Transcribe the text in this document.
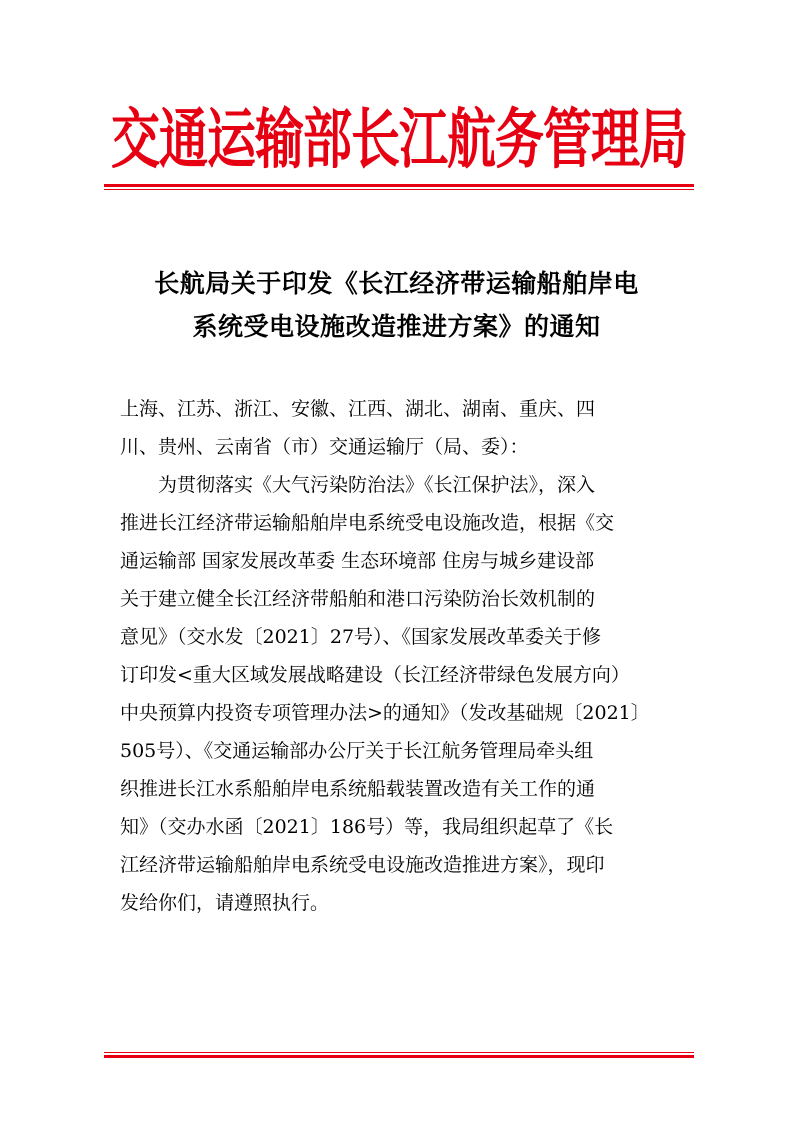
交通运输部长江航务管理局
长航局关于印发《长江经济带运输船舶岸电
系统受电设施改造推进方案》的通知

上海、江苏、浙江、安徽、江西、湖北、湖南、重庆、四
川、贵州、云南省（市）交通运输厅（局、委）：

为贯彻落实《大气污染防治法》《长江保护法》，深入
推进长江经济带运输船舶岸电系统受电设施改造，根据《交
通运输部 国家发展改革委 生态环境部 住房与城乡建设部
关于建立健全长江经济带船舶和港口污染防治长效机制的
意见》（交水发〔2021〕27号）、《国家发展改革委关于修
订印发<重大区域发展战略建设（长江经济带绿色发展方向）
中央预算内投资专项管理办法>的通知》（发改基础规〔2021〕
505号）、《交通运输部办公厅关于长江航务管理局牵头组
织推进长江水系船舶岸电系统船载装置改造有关工作的通
知》（交办水函〔2021〕186号）等，我局组织起草了《长
江经济带运输船舶岸电系统受电设施改造推进方案》，现印
发给你们，请遵照执行。
